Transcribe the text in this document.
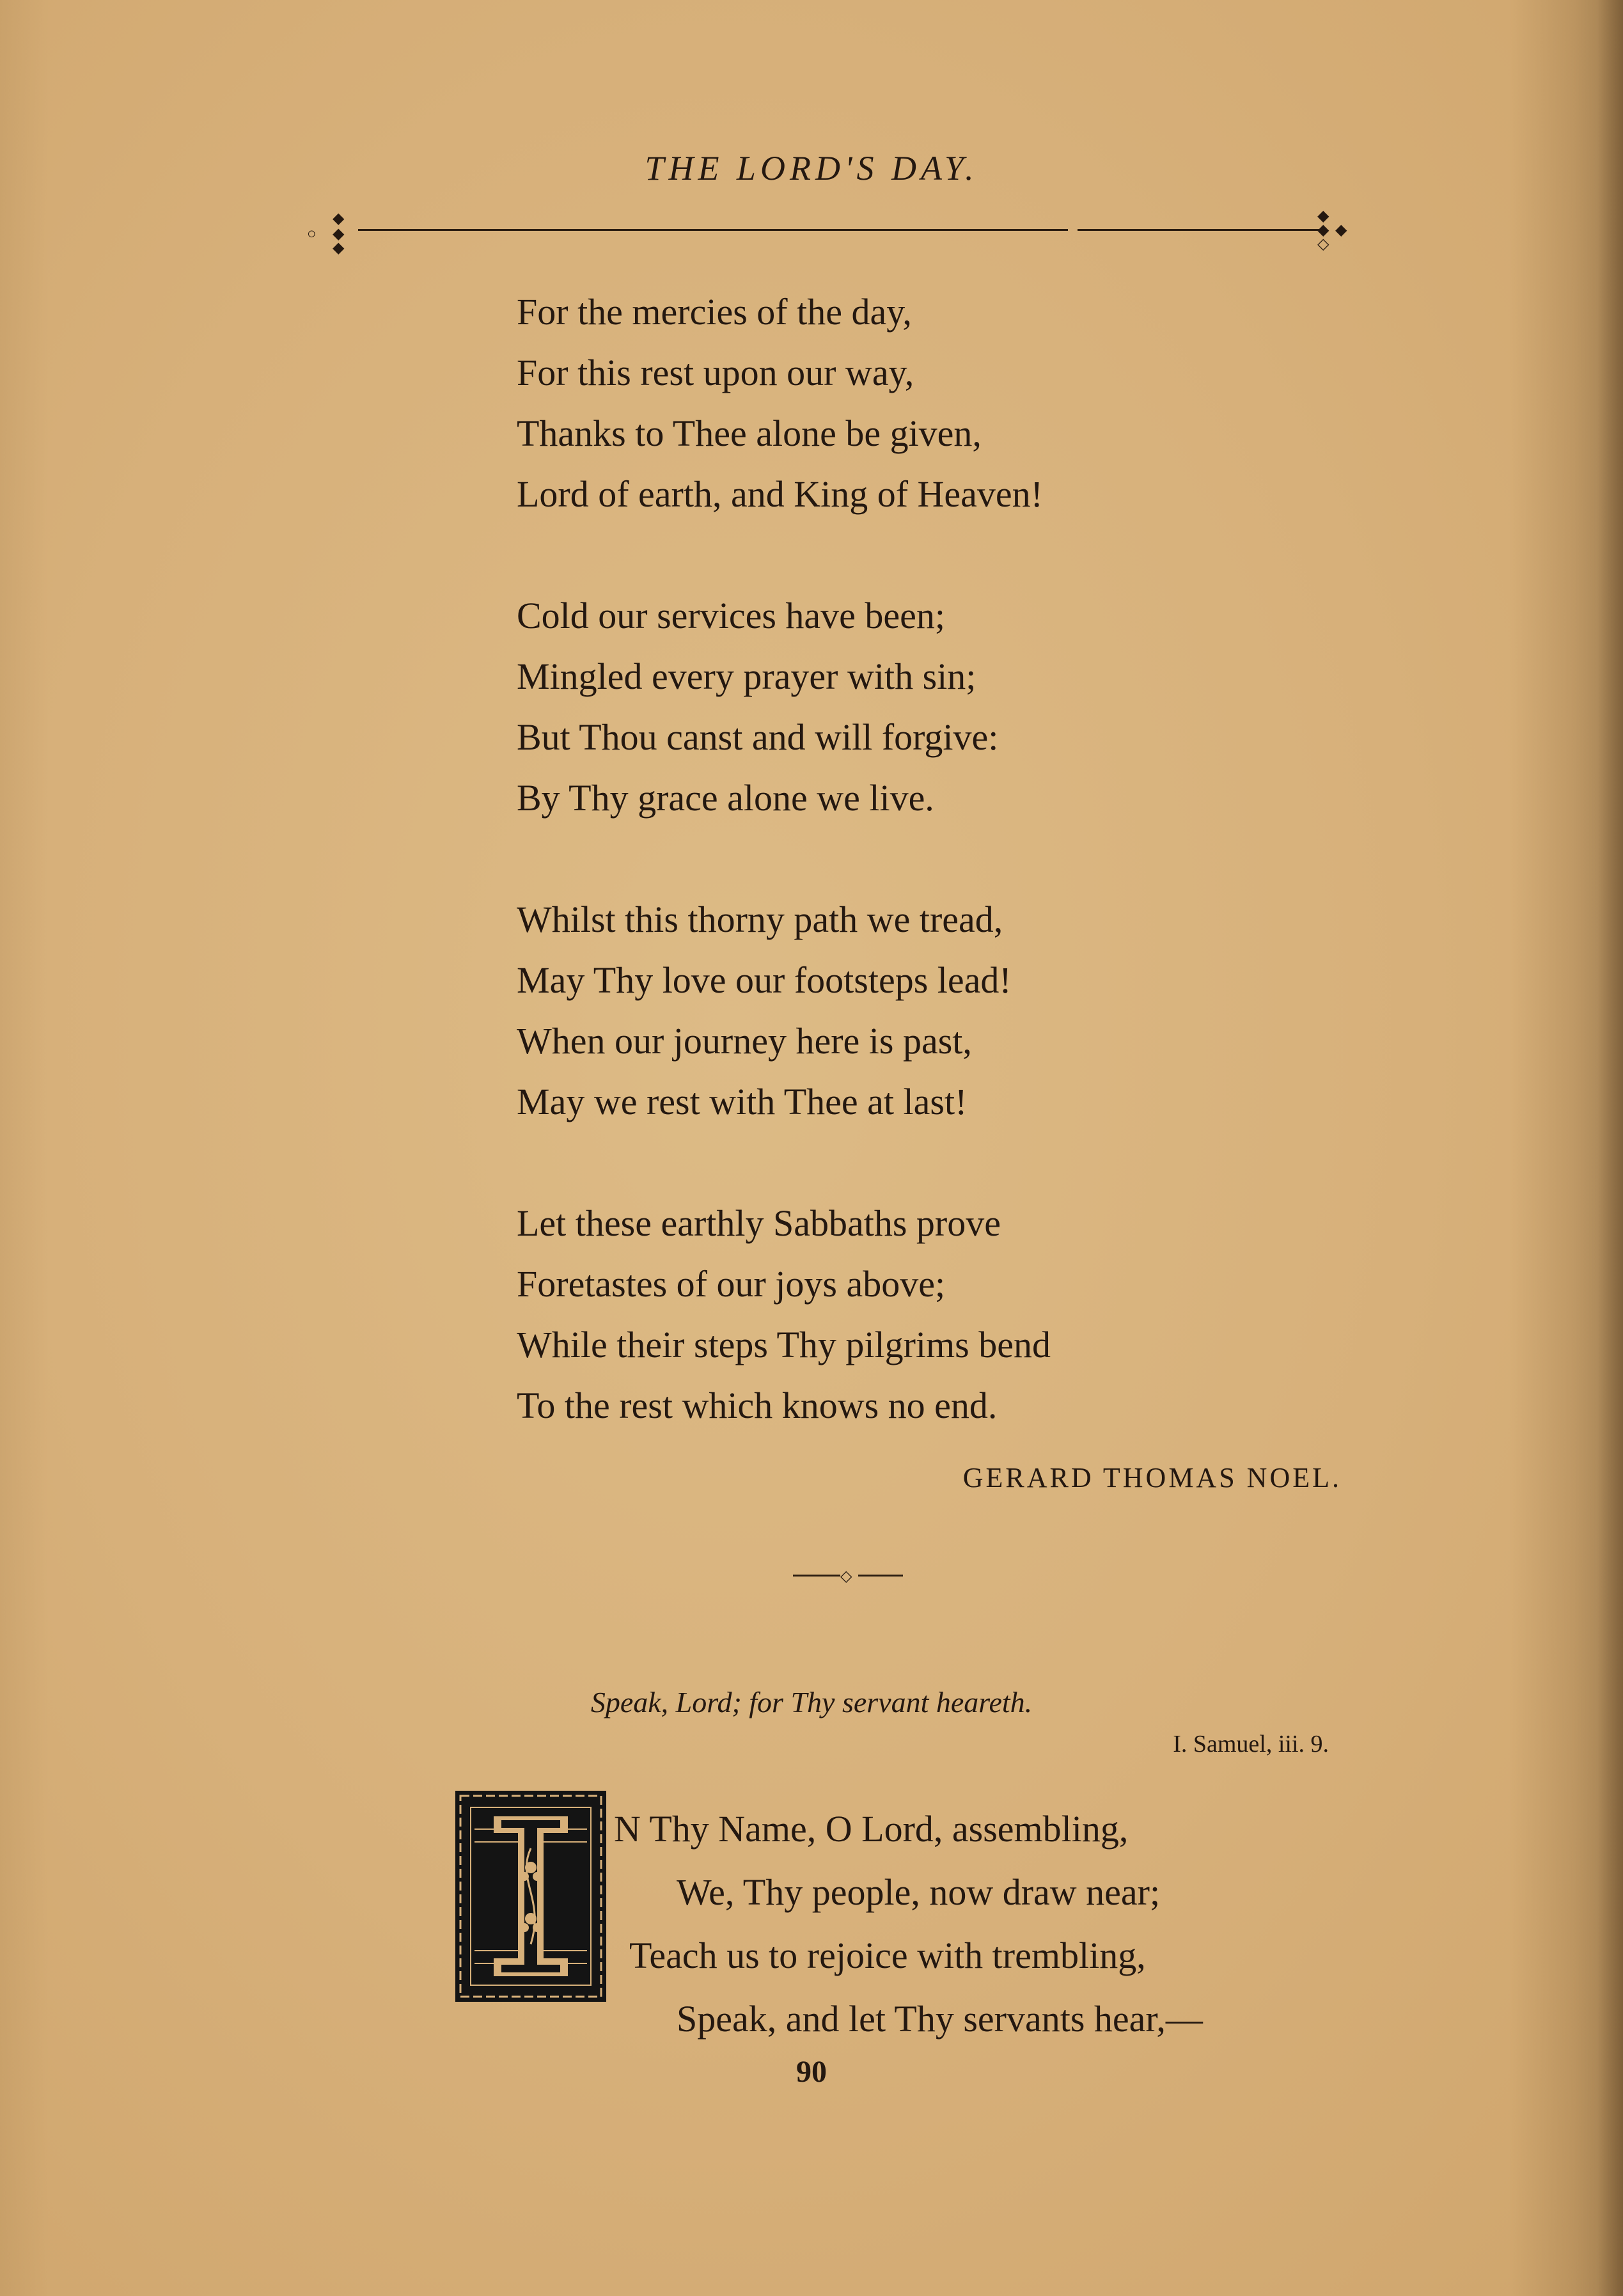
THE LORD'S DAY.
◆
◆
◆
○
◆
◆
◇
◆
For the mercies of the day,
For this rest upon our way,
Thanks to Thee alone be given,
Lord of earth, and King of Heaven!
Cold our services have been;
Mingled every prayer with sin;
But Thou canst and will forgive:
By Thy grace alone we live.
Whilst this thorny path we tread,
May Thy love our footsteps lead!
When our journey here is past,
May we rest with Thee at last!
Let these earthly Sabbaths prove
Foretastes of our joys above;
While their steps Thy pilgrims bend
To the rest which knows no end.
GERARD THOMAS NOEL.
◇
Speak, Lord; for Thy servant heareth.
I. Samuel, iii. 9.
N Thy Name, O Lord, assembling,
We, Thy people, now draw near;
Teach us to rejoice with trembling,
Speak, and let Thy servants hear,—
90
